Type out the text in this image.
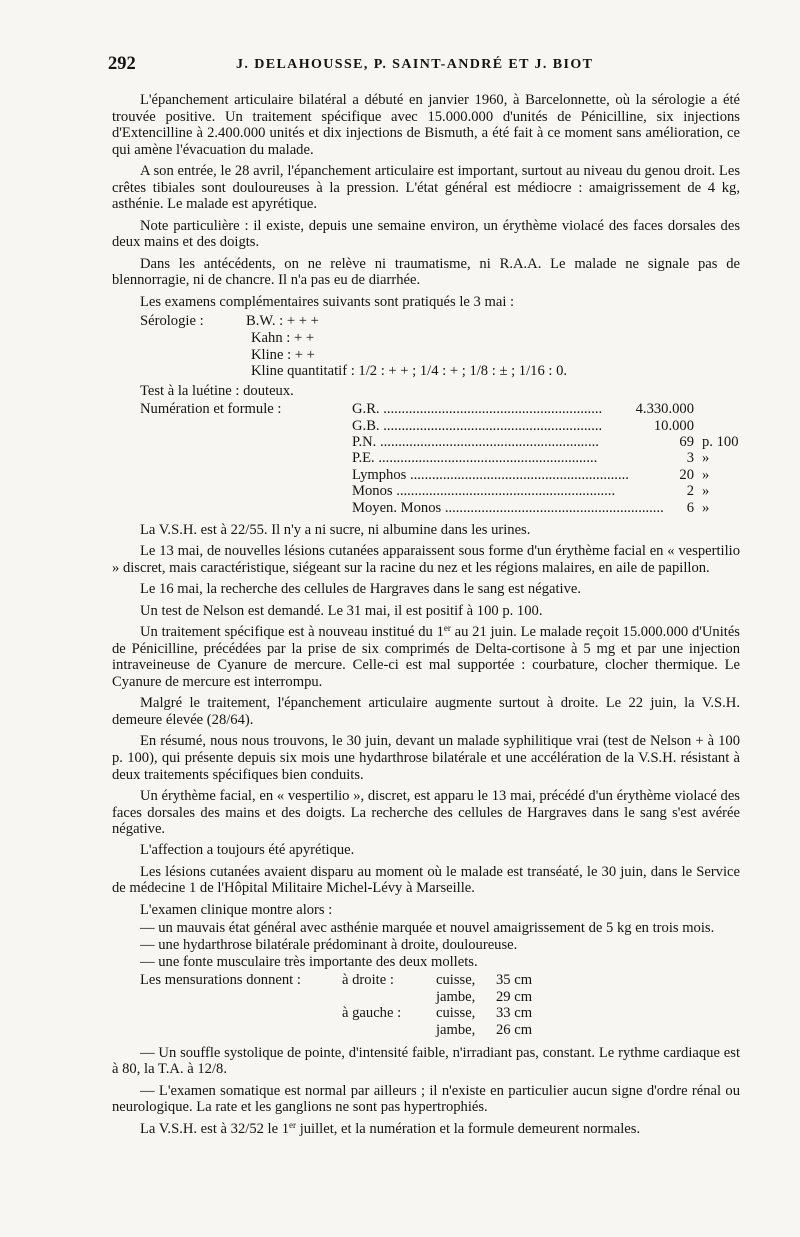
292	J. DELAHOUSSE, P. SAINT-ANDRÉ ET J. BIOT

L'épanchement articulaire bilatéral a débuté en janvier 1960, à Barcelonnette, où la sérologie a été trouvée positive. Un traitement spécifique avec 15.000.000 d'unités de Pénicilline, six injections d'Extencilline à 2.400.000 unités et dix injections de Bismuth, a été fait à ce moment sans amélioration, ce qui amène l'évacuation du malade.

A son entrée, le 28 avril, l'épanchement articulaire est important, surtout au niveau du genou droit. Les crêtes tibiales sont douloureuses à la pression. L'état général est médiocre : amaigrissement de 4 kg, asthénie. Le malade est apyrétique.

Note particulière : il existe, depuis une semaine environ, un érythème violacé des faces dorsales des deux mains et des doigts.

Dans les antécédents, on ne relève ni traumatisme, ni R.A.A. Le malade ne signale pas de blennorragie, ni de chancre. Il n'a pas eu de diarrhée.

Les examens complémentaires suivants sont pratiqués le 3 mai :

Sérologie :	B.W. : + + +
Kahn : + +
Kline : + +
Kline quantitatif : 1/2 : + + ; 1/4 : + ; 1/8 : ± ; 1/16 : 0.
Test à la luétine : douteux.
Numération et formule :	G.R. ............................................................	4.330.000
G.B. ............................................................	10.000
P.N. ............................................................	69 p. 100
P.E. ............................................................	3 »
Lymphos ............................................................	20 »
Monos ............................................................	2 »
Moyen. Monos ............................................................	6 »

La V.S.H. est à 22/55. Il n'y a ni sucre, ni albumine dans les urines.

Le 13 mai, de nouvelles lésions cutanées apparaissent sous forme d'un érythème facial en « vespertilio » discret, mais caractéristique, siégeant sur la racine du nez et les régions malaires, en aile de papillon.

Le 16 mai, la recherche des cellules de Hargraves dans le sang est négative.

Un test de Nelson est demandé. Le 31 mai, il est positif à 100 p. 100.

Un traitement spécifique est à nouveau institué du 1er au 21 juin. Le malade reçoit 15.000.000 d'Unités de Pénicilline, précédées par la prise de six comprimés de Delta-cortisone à 5 mg et par une injection intraveineuse de Cyanure de mercure. Celle-ci est mal supportée : courbature, clocher thermique. Le Cyanure de mercure est interrompu.

Malgré le traitement, l'épanchement articulaire augmente surtout à droite. Le 22 juin, la V.S.H. demeure élevée (28/64).

En résumé, nous nous trouvons, le 30 juin, devant un malade syphilitique vrai (test de Nelson + à 100 p. 100), qui présente depuis six mois une hydarthrose bilatérale et une accélération de la V.S.H. résistant à deux traitements spécifiques bien conduits.

Un érythème facial, en « vespertilio », discret, est apparu le 13 mai, précédé d'un érythème violacé des faces dorsales des mains et des doigts. La recherche des cellules de Hargraves dans le sang s'est avérée négative.

L'affection a toujours été apyrétique.

Les lésions cutanées avaient disparu au moment où le malade est transéaté, le 30 juin, dans le Service de médecine 1 de l'Hôpital Militaire Michel-Lévy à Marseille.

L'examen clinique montre alors :

— un mauvais état général avec asthénie marquée et nouvel amaigrissement de 5 kg en trois mois.

— une hydarthrose bilatérale prédominant à droite, douloureuse.

— une fonte musculaire très importante des deux mollets.

Les mensurations donnent :	à droite :	cuisse,	35 cm
jambe,	29 cm
à gauche :	cuisse,	33 cm
jambe,	26 cm

— Un souffle systolique de pointe, d'intensité faible, n'irradiant pas, constant. Le rythme cardiaque est à 80, la T.A. à 12/8.

— L'examen somatique est normal par ailleurs ; il n'existe en particulier aucun signe d'ordre rénal ou neurologique. La rate et les ganglions ne sont pas hypertrophiés.

La V.S.H. est à 32/52 le 1er juillet, et la numération et la formule demeurent normales.
